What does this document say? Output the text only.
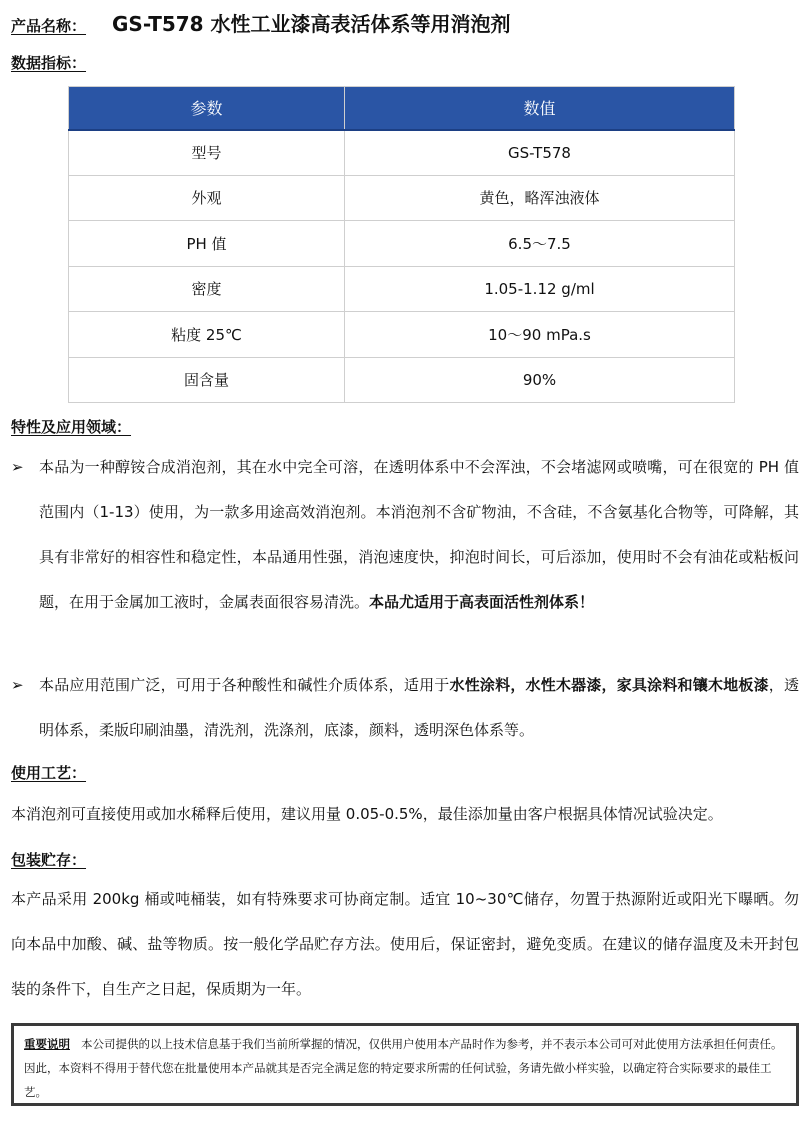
产品名称： GS-T578 水性工业漆高表活体系等用消泡剂
数据指标：
参数	数值
型号	GS-T578
外观	黄色，略浑浊液体
PH 值	6.5～7.5
密度	1.05-1.12 g/ml
粘度 25℃	10～90 mPa.s
固含量	90%
特性及应用领域：
➢	本品为一种醇铵合成消泡剂，其在水中完全可溶，在透明体系中不会浑浊，不会堵滤网或喷嘴，可在很宽的 PH 值范围内（1-13）使用，为一款多用途高效消泡剂。本消泡剂不含矿物油，不含硅，不含氨基化合物等，可降解，其具有非常好的相容性和稳定性，本品通用性强，消泡速度快，抑泡时间长，可后添加，使用时不会有油花或粘板问题，在用于金属加工液时，金属表面很容易清洗。本品尤适用于高表面活性剂体系！
➢	本品应用范围广泛，可用于各种酸性和碱性介质体系，适用于水性涂料，水性木器漆，家具涂料和镶木地板漆，透明体系，柔版印刷油墨，清洗剂，洗涤剂，底漆，颜料，透明深色体系等。
使用工艺：
本消泡剂可直接使用或加水稀释后使用，建议用量 0.05-0.5%，最佳添加量由客户根据具体情况试验决定。
包装贮存：
本产品采用 200kg 桶或吨桶装，如有特殊要求可协商定制。适宜 10~30℃储存，勿置于热源附近或阳光下曝晒。勿向本品中加酸、碱、盐等物质。按一般化学品贮存方法。使用后，保证密封，避免变质。在建议的储存温度及未开封包装的条件下，自生产之日起，保质期为一年。
重要说明 本公司提供的以上技术信息基于我们当前所掌握的情况，仅供用户使用本产品时作为参考，并不表示本公司可对此使用方法承担任何责任。因此，本资料不得用于替代您在批量使用本产品就其是否完全满足您的特定要求所需的任何试验，务请先做小样实验，以确定符合实际要求的最佳工艺。
